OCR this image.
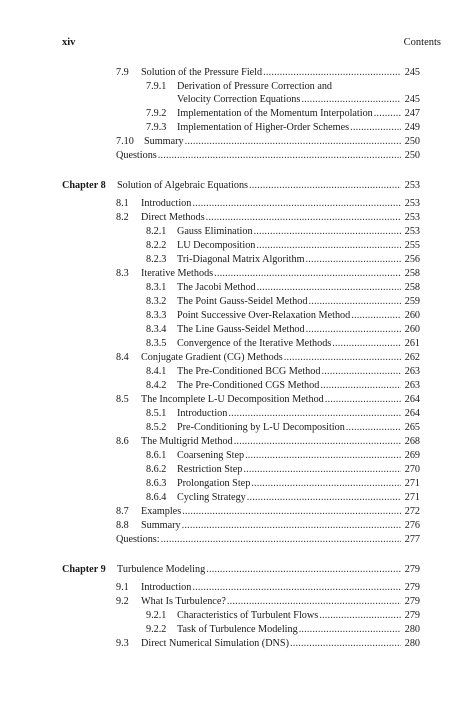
xiv	Contents
7.9 Solution of the Pressure Field .....	245
7.9.1 Derivation of Pressure Correction and
Velocity Correction Equations .....	245
7.9.2 Implementation of the Momentum Interpolation .....	247
7.9.3 Implementation of Higher-Order Schemes .....	249
7.10 Summary .....	250
Questions .....	250
Chapter 8 Solution of Algebraic Equations .....	253
8.1 Introduction .....	253
8.2 Direct Methods .....	253
8.2.1 Gauss Elimination .....	253
8.2.2 LU Decomposition .....	255
8.2.3 Tri-Diagonal Matrix Algorithm .....	256
8.3 Iterative Methods .....	258
8.3.1 The Jacobi Method .....	258
8.3.2 The Point Gauss-Seidel Method .....	259
8.3.3 Point Successive Over-Relaxation Method .....	260
8.3.4 The Line Gauss-Seidel Method .....	260
8.3.5 Convergence of the Iterative Methods .....	261
8.4 Conjugate Gradient (CG) Methods .....	262
8.4.1 The Pre-Conditioned BCG Method .....	263
8.4.2 The Pre-Conditioned CGS Method .....	263
8.5 The Incomplete L-U Decomposition Method .....	264
8.5.1 Introduction .....	264
8.5.2 Pre-Conditioning by L-U Decomposition .....	265
8.6 The Multigrid Method .....	268
8.6.1 Coarsening Step .....	269
8.6.2 Restriction Step .....	270
8.6.3 Prolongation Step .....	271
8.6.4 Cycling Strategy .....	271
8.7 Examples .....	272
8.8 Summary .....	276
Questions: .....	277
Chapter 9 Turbulence Modeling .....	279
9.1 Introduction .....	279
9.2 What Is Turbulence? .....	279
9.2.1 Characteristics of Turbulent Flows .....	279
9.2.2 Task of Turbulence Modeling .....	280
9.3 Direct Numerical Simulation (DNS) .....	280
